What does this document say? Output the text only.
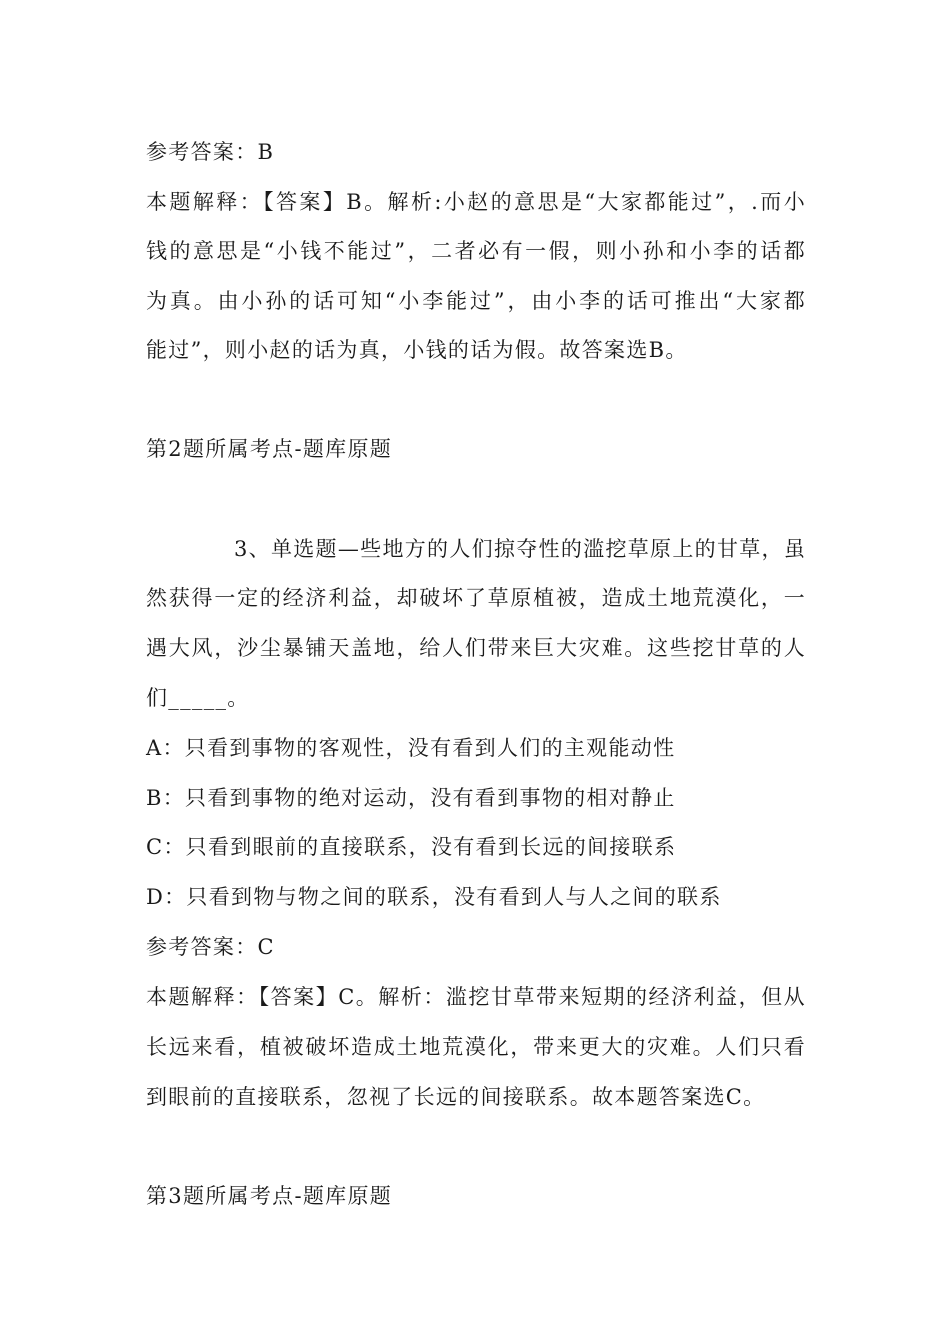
参考答案：B
本题解释：【答案】B。解析:小赵的意思是“大家都能过”，.而小
钱的意思是“小钱不能过”，二者必有一假，则小孙和小李的话都
为真。由小孙的话可知“小李能过”，由小李的话可推出“大家都
能过”，则小赵的话为真，小钱的话为假。故答案选B。
第2题所属考点-题库原题
3、单选题—些地方的人们掠夺性的滥挖草原上的甘草，虽
然获得一定的经济利益，却破坏了草原植被，造成土地荒漠化，一
遇大风，沙尘暴铺天盖地，给人们带来巨大灾难。这些挖甘草的人
们_____。
A：只看到事物的客观性，没有看到人们的主观能动性
B：只看到事物的绝对运动，没有看到事物的相对静止
C：只看到眼前的直接联系，没有看到长远的间接联系
D：只看到物与物之间的联系，没有看到人与人之间的联系
参考答案：C
本题解释：【答案】C。解析：滥挖甘草带来短期的经济利益，但从
长远来看，植被破坏造成土地荒漠化，带来更大的灾难。人们只看
到眼前的直接联系，忽视了长远的间接联系。故本题答案选C。
第3题所属考点-题库原题
